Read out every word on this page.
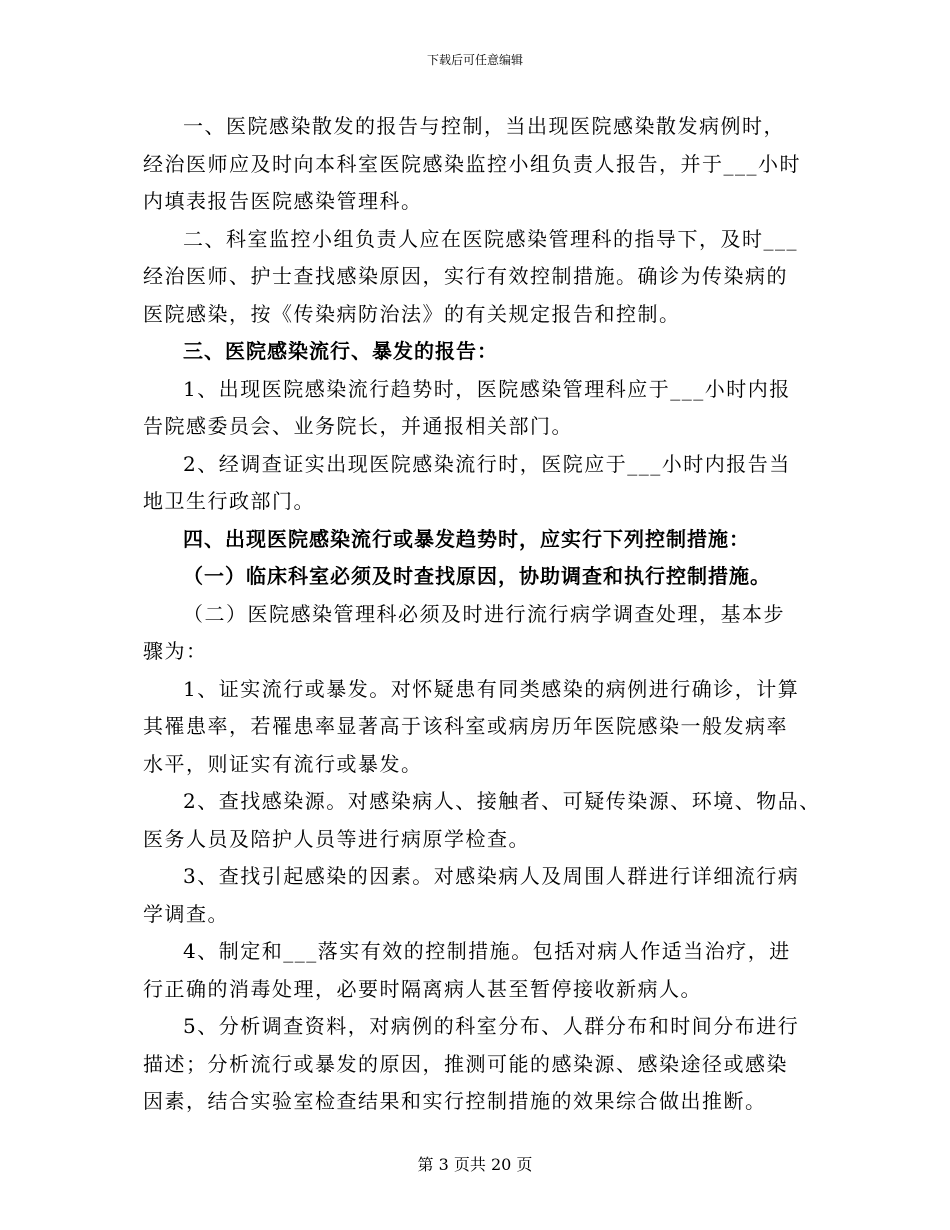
下载后可任意编辑
一、医院感染散发的报告与控制，当出现医院感染散发病例时，
经治医师应及时向本科室医院感染监控小组负责人报告，并于___小时
内填表报告医院感染管理科。
二、科室监控小组负责人应在医院感染管理科的指导下，及时___
经治医师、护士查找感染原因，实行有效控制措施。确诊为传染病的
医院感染，按《传染病防治法》的有关规定报告和控制。
三、医院感染流行、暴发的报告：
1、出现医院感染流行趋势时，医院感染管理科应于___小时内报
告院感委员会、业务院长，并通报相关部门。
2、经调查证实出现医院感染流行时，医院应于___小时内报告当
地卫生行政部门。
四、出现医院感染流行或暴发趋势时，应实行下列控制措施：
（一）临床科室必须及时查找原因，协助调查和执行控制措施。
（二）医院感染管理科必须及时进行流行病学调查处理，基本步
骤为：
1、证实流行或暴发。对怀疑患有同类感染的病例进行确诊，计算
其罹患率，若罹患率显著高于该科室或病房历年医院感染一般发病率
水平，则证实有流行或暴发。
2、查找感染源。对感染病人、接触者、可疑传染源、环境、物品、
医务人员及陪护人员等进行病原学检查。
3、查找引起感染的因素。对感染病人及周围人群进行详细流行病
学调查。
4、制定和___落实有效的控制措施。包括对病人作适当治疗，进
行正确的消毒处理，必要时隔离病人甚至暂停接收新病人。
5、分析调查资料，对病例的科室分布、人群分布和时间分布进行
描述；分析流行或暴发的原因，推测可能的感染源、感染途径或感染
因素，结合实验室检查结果和实行控制措施的效果综合做出推断。
第 3 页共 20 页
